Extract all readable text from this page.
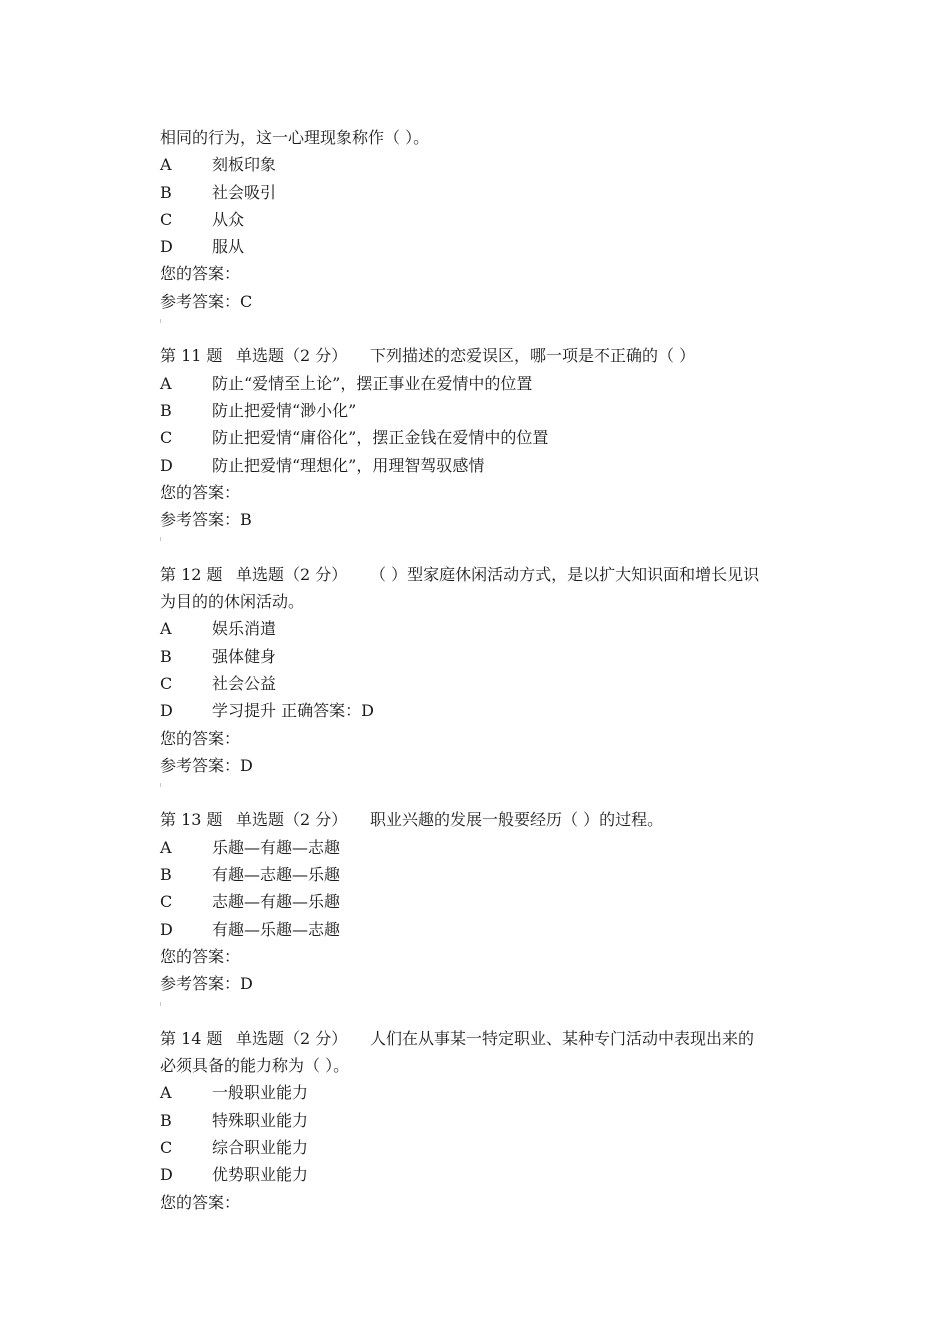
相同的行为，这一心理现象称作（ ）。
A	刻板印象
B	社会吸引
C 从众
D 服从
您的答案：
参考答案：C
第 11 题 单选题（2 分） 下列描述的恋爱误区，哪一项是不正确的（ ）
A	防止“爱情至上论”，摆正事业在爱情中的位置
B	防止把爱情“渺小化”
C 防止把爱情“庸俗化”，摆正金钱在爱情中的位置
D 防止把爱情“理想化”，用理智驾驭感情
您的答案：
参考答案：B
第 12 题 单选题（2 分） （ ）型家庭休闲活动方式，是以扩大知识面和增长见识
为目的的休闲活动。
A	娱乐消遣
B	强体健身
C 社会公益
D 学习提升 正确答案：D
您的答案：
参考答案：D
第 13 题 单选题（2 分） 职业兴趣的发展一般要经历（ ）的过程。
A	乐趣—有趣—志趣
B	有趣—志趣—乐趣
C 志趣—有趣—乐趣
D 有趣—乐趣—志趣
您的答案：
参考答案：D
第 14 题 单选题（2 分） 人们在从事某一特定职业、某种专门活动中表现出来的
必须具备的能力称为（ ）。
A	一般职业能力
B	特殊职业能力
C 综合职业能力
D 优势职业能力
您的答案：
